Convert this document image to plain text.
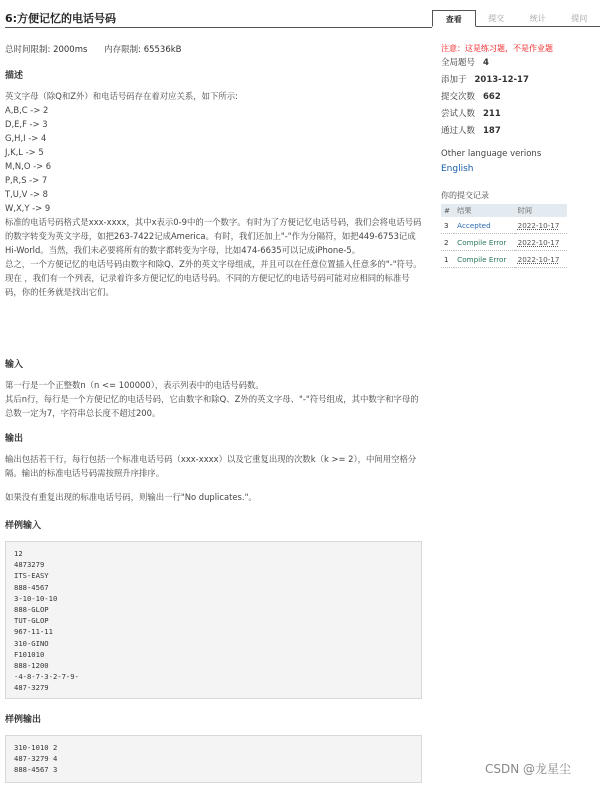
6:方便记忆的电话号码	查看	提交	统计	提问
总时间限制: 2000ms 内存限制: 65536kB
描述
英文字母（除Q和Z外）和电话号码存在着对应关系，如下所示:
A,B,C -> 2
D,E,F -> 3
G,H,I -> 4
J,K,L -> 5
M,N,O -> 6
P,R,S -> 7
T,U,V -> 8
W,X,Y -> 9
标准的电话号码格式是xxx-xxxx，其中x表示0-9中的一个数字。有时为了方便记忆电话号码，我们会将电话号码的数字转变为英文字母，如把263-7422记成America。有时，我们还加上"-"作为分隔符，如把449-6753记成Hi-World。当然，我们未必要将所有的数字都转变为字母，比如474-6635可以记成iPhone-5。
总之，一个方便记忆的电话号码由数字和除Q、Z外的英文字母组成，并且可以在任意位置插入任意多的"-"符号。
现在 ，我们有一个列表，记录着许多方便记忆的电话号码。不同的方便记忆的电话号码可能对应相同的标准号码，你的任务就是找出它们。
输入
第一行是一个正整数n（n <= 100000），表示列表中的电话号码数。
其后n行，每行是一个方便记忆的电话号码，它由数字和除Q、Z外的英文字母、"-"符号组成，其中数字和字母的总数一定为7，字符串总长度不超过200。
输出
输出包括若干行，每行包括一个标准电话号码（xxx-xxxx）以及它重复出现的次数k（k >= 2），中间用空格分隔。输出的标准电话号码需按照升序排序。
如果没有重复出现的标准电话号码，则输出一行"No duplicates."。
样例输入
12
4873279
ITS-EASY
888-4567
3-10-10-10
888-GLOP
TUT-GLOP
967-11-11
310-GINO
F101010
888-1200
-4-8-7-3-2-7-9-
487-3279
样例输出
310-1010 2
487-3279 4
888-4567 3
注意：这是练习题，不是作业题
全局题号 4
添加于 2013-12-17
提交次数 662
尝试人数 211
通过人数 187
Other language verions
English
你的提交记录
#	结果	时间
3	Accepted	2022-10-17
2	Compile Error	2022-10-17
1	Compile Error	2022-10-17
CSDN @龙星尘
